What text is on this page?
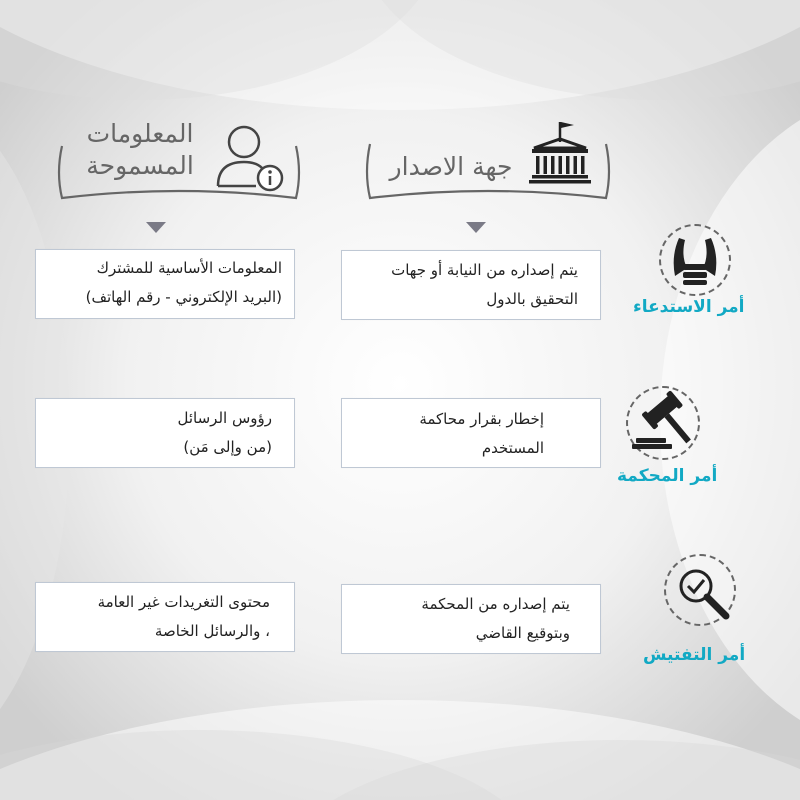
جهة الاصدار
المعلومات
المسموحة
أمر الاستدعاء
يتم إصداره من النيابة أو جهات
التحقيق بالدول
المعلومات الأساسية للمشترك
(البريد الإلكتروني - رقم الهاتف)
أمر المحكمة
إخطار بقرار محاكمة
المستخدم
رؤوس الرسائل
(من وإلى مَن)
أمر التفتيش
يتم إصداره من المحكمة
وبتوقيع القاضي
محتوى التغريدات غير العامة
، والرسائل الخاصة
